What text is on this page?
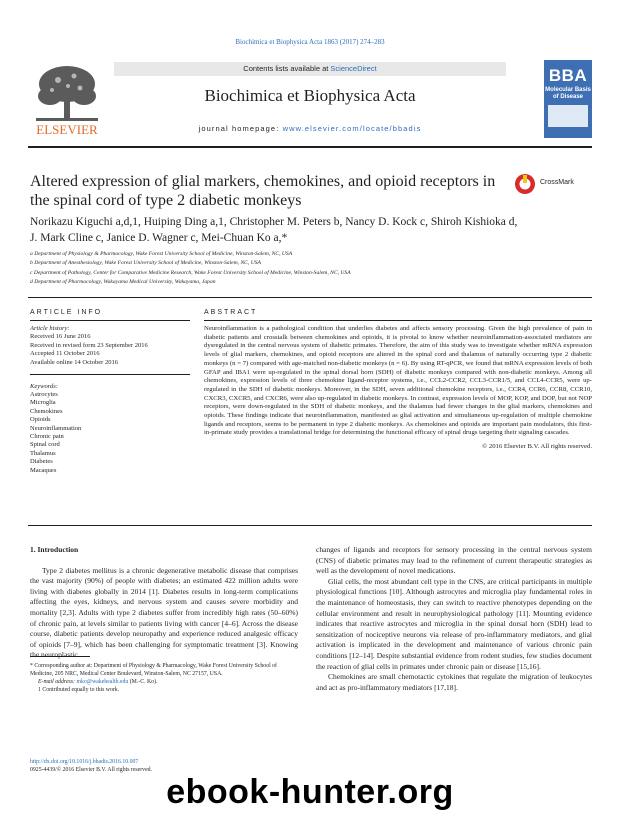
Biochimica et Biophysica Acta 1863 (2017) 274–283
ELSEVIER
Contents lists available at ScienceDirect
Biochimica et Biophysica Acta
journal homepage: www.elsevier.com/locate/bbadis
BBA
Molecular Basis of Disease
Altered expression of glial markers, chemokines, and opioid receptors in the spinal cord of type 2 diabetic monkeys
CrossMark
Norikazu Kiguchi a,d,1, Huiping Ding a,1, Christopher M. Peters b, Nancy D. Kock c, Shiroh Kishioka d,
J. Mark Cline c, Janice D. Wagner c, Mei-Chuan Ko a,*
a Department of Physiology & Pharmacology, Wake Forest University School of Medicine, Winston-Salem, NC, USA
b Department of Anesthesiology, Wake Forest University School of Medicine, Winston-Salem, NC, USA
c Department of Pathology, Center for Comparative Medicine Research, Wake Forest University School of Medicine, Winston-Salem, NC, USA
d Department of Pharmacology, Wakayama Medical University, Wakayama, Japan
ARTICLE INFO	ABSTRACT
Article history:
Received 16 June 2016
Received in revised form 23 September 2016
Accepted 11 October 2016
Available online 14 October 2016
Keywords:
Astrocytes
Microglia
Chemokines
Opioids
Neuroinflammation
Chronic pain
Spinal cord
Thalamus
Diabetes
Macaques
Neuroinflammation is a pathological condition that underlies diabetes and affects sensory processing. Given the high prevalence of pain in diabetic patients and crosstalk between chemokines and opioids, it is pivotal to know whether neuroinflammation-associated mediators are dysregulated in the central nervous system of diabetic primates. Therefore, the aim of this study was to investigate whether mRNA expression levels of glial markers, chemokines, and opioid receptors are altered in the spinal cord and thalamus of naturally occurring type 2 diabetic monkeys (n = 7) compared with age-matched non-diabetic monkeys (n = 6). By using RT-qPCR, we found that mRNA expression levels of both GFAP and IBA1 were up-regulated in the spinal dorsal horn (SDH) of diabetic monkeys compared with non-diabetic monkeys. Among all chemokines, expression levels of three chemokine ligand-receptor systems, i.e., CCL2-CCR2, CCL3-CCR1/5, and CCL4-CCR5, were up-regulated in the SDH of diabetic monkeys. Moreover, in the SDH, seven additional chemokine receptors, i.e., CCR4, CCR6, CCR8, CCR10, CXCR3, CXCR5, and CXCR6, were also up-regulated in diabetic monkeys. In contrast, expression levels of MOP, KOP, and DOP, but not NOP receptors, were down-regulated in the SDH of diabetic monkeys, and the thalamus had fewer changes in the glial markers, chemokines and opioids. These findings indicate that neuroinflammation, manifested as glial activation and simultaneous up-regulation of multiple chemokine ligands and receptors, seems to be permanent in type 2 diabetic monkeys. As chemokines and opioids are important pain modulators, this first-in-primate study provides a translational bridge for determining the functional efficacy of spinal drugs targeting their signaling cascades.
© 2016 Elsevier B.V. All rights reserved.
1. Introduction
Type 2 diabetes mellitus is a chronic degenerative metabolic disease that comprises the vast majority (90%) of people with diabetes; an estimated 422 million adults were living with diabetes globally in 2014 [1]. Diabetes results in long-term complications affecting the eyes, kidneys, and nervous system and causes severe morbidity and mortality [2,3]. Adults with type 2 diabetes suffer from incredibly high rates (50–60%) of chronic pain, at levels similar to patients living with cancer [4–6]. Across the disease course, diabetic patients develop neuropathy and experience reduced analgesic efficacy of opioids [7–9], which has been challenging for symptomatic treatment [3]. Knowing the neuroplastic
changes of ligands and receptors for sensory processing in the central nervous system (CNS) of diabetic primates may lead to the refinement of current therapeutic strategies as well as the development of novel medications.
Glial cells, the most abundant cell type in the CNS, are critical participants in multiple physiological functions [10]. Although astrocytes and microglia play fundamental roles in the maintenance of homeostasis, they can switch to reactive phenotypes depending on the cellular environment and result in neurophysiological pathology [11]. Mounting evidence indicates that reactive astrocytes and microglia in the spinal dorsal horn (SDH) lead to sensitization of nociceptive neurons via release of pro-inflammatory mediators, and glial activation is implicated in the development and maintenance of various chronic pain conditions [12–14]. Despite substantial evidence from rodent studies, few studies document the reaction of glial cells in primates under chronic pain or disease [15,16].
Chemokines are small chemotactic cytokines that regulate the migration of leukocytes and act as pro-inflammatory mediators [17,18].
* Corresponding author at: Department of Physiology & Pharmacology, Wake Forest University School of Medicine, 205 NRC, Medical Center Boulevard, Winston-Salem, NC 27157, USA.
E-mail address: mko@wakehealth.edu (M.-C. Ko).
1 Contributed equally to this work.
http://dx.doi.org/10.1016/j.bbadis.2016.10.007
0925-4439/© 2016 Elsevier B.V. All rights reserved.
ebook-hunter.org
